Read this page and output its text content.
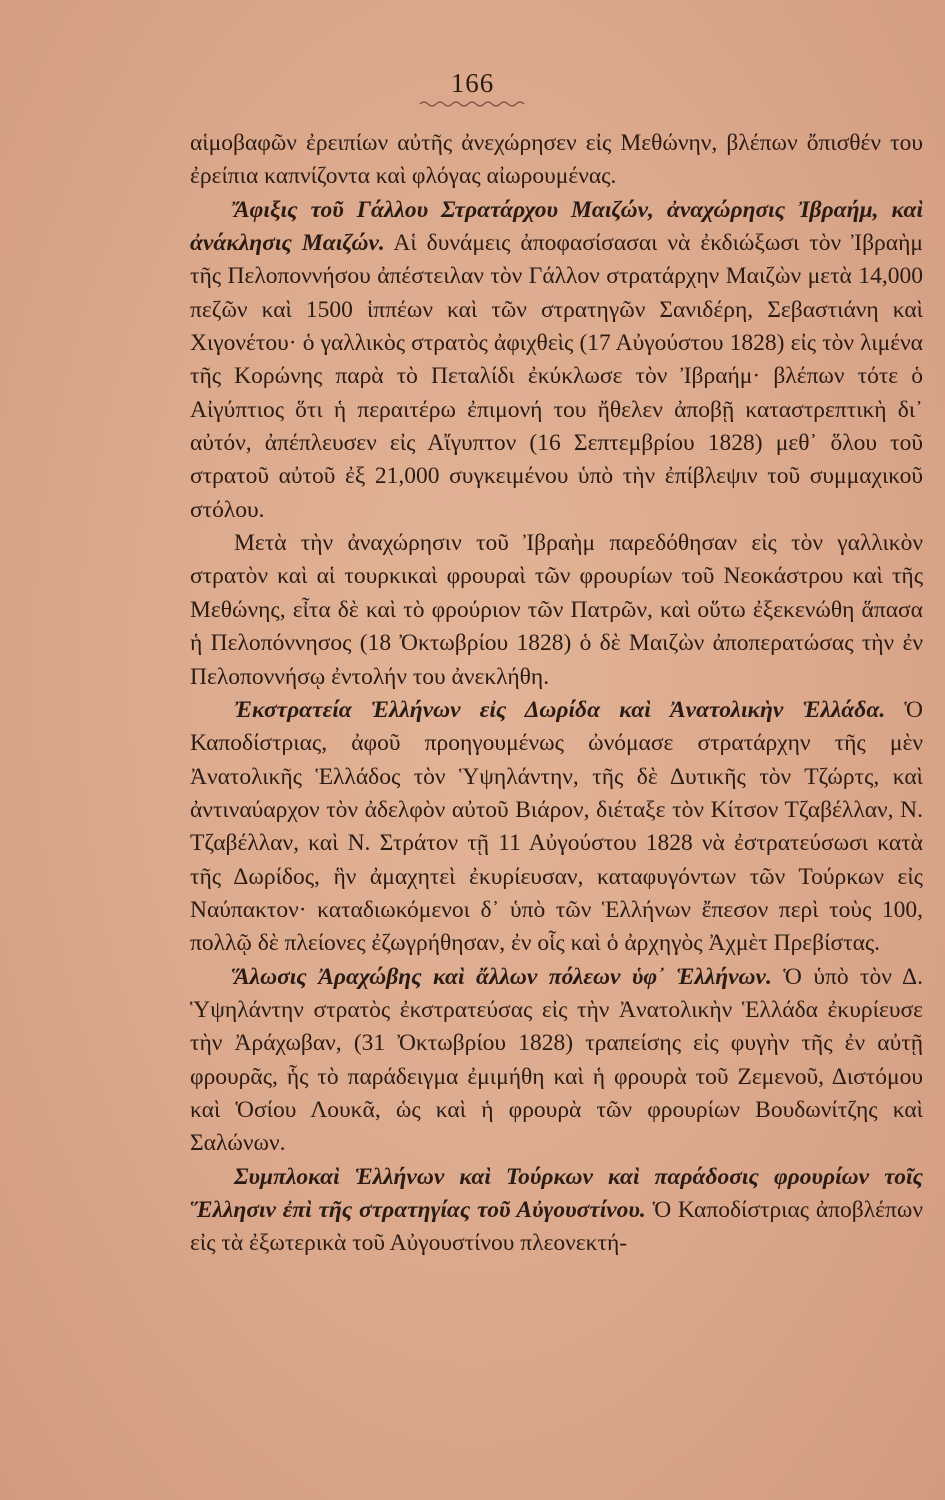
166

αἱμοβαφῶν ἐρειπίων αὐτῆς ἀνεχώρησεν εἰς Μεθώνην, βλέπων ὄπισθέν του ἐρείπια καπνίζοντα καὶ φλόγας αἰωρουμένας.

Ἄφιξις τοῦ Γάλλου Στρατάρχου Μαιζών, ἀναχώρησις Ἰβραήμ, καὶ ἀνάκλησις Μαιζών. Αἱ δυνάμεις ἀποφασίσασαι νὰ ἐκδιώξωσι τὸν Ἰβραὴμ τῆς Πελοποννήσου ἀπέστειλαν τὸν Γάλλον στρατάρχην Μαιζὼν μετὰ 14,000 πεζῶν καὶ 1500 ἱππέων καὶ τῶν στρατηγῶν Σανιδέρη, Σεβαστιάνη καὶ Χιγονέτου· ὁ γαλλικὸς στρατὸς ἀφιχθεὶς (17 Αὐγούστου 1828) εἰς τὸν λιμένα τῆς Κορώνης παρὰ τὸ Πεταλίδι ἐκύκλωσε τὸν Ἰβραήμ· βλέπων τότε ὁ Αἰγύπτιος ὅτι ἡ περαιτέρω ἐπιμονή του ἤθελεν ἀποβῇ καταστρεπτικὴ δι᾽ αὐτόν, ἀπέπλευσεν εἰς Αἴγυπτον (16 Σεπτεμβρίου 1828) μεθ᾽ ὅλου τοῦ στρατοῦ αὐτοῦ ἐξ 21,000 συγκειμένου ὑπὸ τὴν ἐπίβλεψιν τοῦ συμμαχικοῦ στόλου.

Μετὰ τὴν ἀναχώρησιν τοῦ Ἰβραὴμ παρεδόθησαν εἰς τὸν γαλλικὸν στρατὸν καὶ αἱ τουρκικαὶ φρουραὶ τῶν φρουρίων τοῦ Νεοκάστρου καὶ τῆς Μεθώνης, εἶτα δὲ καὶ τὸ φρούριον τῶν Πατρῶν, καὶ οὕτω ἐξεκενώθη ἅπασα ἡ Πελοπόννησος (18 Ὀκτωβρίου 1828) ὁ δὲ Μαιζὼν ἀποπερατώσας τὴν ἐν Πελοποννήσῳ ἐντολήν του ἀνεκλήθη.

Ἐκστρατεία Ἑλλήνων εἰς Δωρίδα καὶ Ἀνατολικὴν Ἑλλάδα. Ὁ Καποδίστριας, ἀφοῦ προηγουμένως ὠνόμασε στρατάρχην τῆς μὲν Ἀνατολικῆς Ἑλλάδος τὸν Ὑψηλάντην, τῆς δὲ Δυτικῆς τὸν Τζώρτς, καὶ ἀντιναύαρχον τὸν ἀδελφὸν αὐτοῦ Βιάρον, διέταξε τὸν Κίτσον Τζαβέλλαν, Ν. Τζαβέλλαν, καὶ Ν. Στράτον τῇ 11 Αὐγούστου 1828 νὰ ἐστρατεύσωσι κατὰ τῆς Δωρίδος, ἣν ἀμαχητεὶ ἐκυρίευσαν, καταφυγόντων τῶν Τούρκων εἰς Ναύπακτον· καταδιωκόμενοι δ᾽ ὑπὸ τῶν Ἑλλήνων ἔπεσον περὶ τοὺς 100, πολλῷ δὲ πλείονες ἐζωγρήθησαν, ἐν οἷς καὶ ὁ ἀρχηγὸς Ἀχμὲτ Πρεβίστας.

Ἅλωσις Ἀραχώβης καὶ ἄλλων πόλεων ὑφ᾽ Ἑλλήνων. Ὁ ὑπὸ τὸν Δ. Ὑψηλάντην στρατὸς ἐκστρατεύσας εἰς τὴν Ἀνατολικὴν Ἑλλάδα ἐκυρίευσε τὴν Ἀράχωβαν, (31 Ὀκτωβρίου 1828) τραπείσης εἰς φυγὴν τῆς ἐν αὐτῇ φρουρᾶς, ἧς τὸ παράδειγμα ἐμιμήθη καὶ ἡ φρουρὰ τοῦ Ζεμενοῦ, Διστόμου καὶ Ὁσίου Λουκᾶ, ὡς καὶ ἡ φρουρὰ τῶν φρουρίων Βουδωνίτζης καὶ Σαλώνων.

Συμπλοκαὶ Ἑλλήνων καὶ Τούρκων καὶ παράδοσις φρουρίων τοῖς Ἕλλησιν ἐπὶ τῆς στρατηγίας τοῦ Αὐγουστίνου. Ὁ Καποδίστριας ἀποβλέπων εἰς τὰ ἐξωτερικὰ τοῦ Αὐγουστίνου πλεονεκτή-
